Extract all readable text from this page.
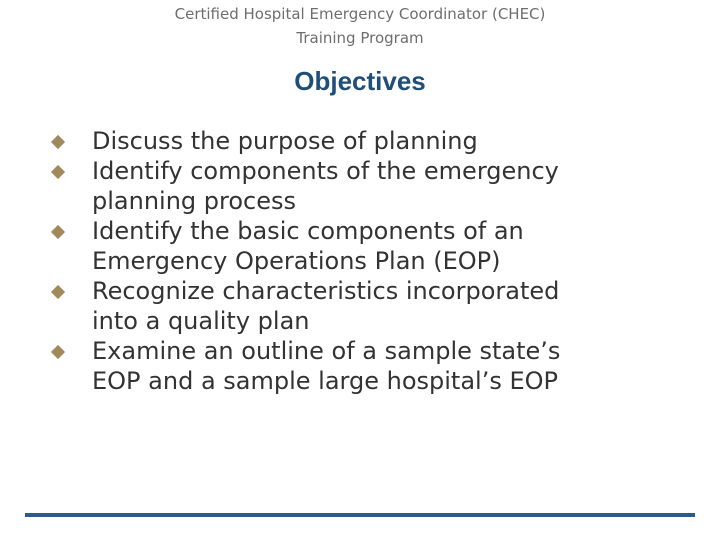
Certified Hospital Emergency Coordinator (CHEC)
Training Program
Objectives
Discuss the purpose of planning
Identify components of the emergency
planning process
Identify the basic components of an
Emergency Operations Plan (EOP)
Recognize characteristics incorporated
into a quality plan
Examine an outline of a sample state’s
EOP and a sample large hospital’s EOP
